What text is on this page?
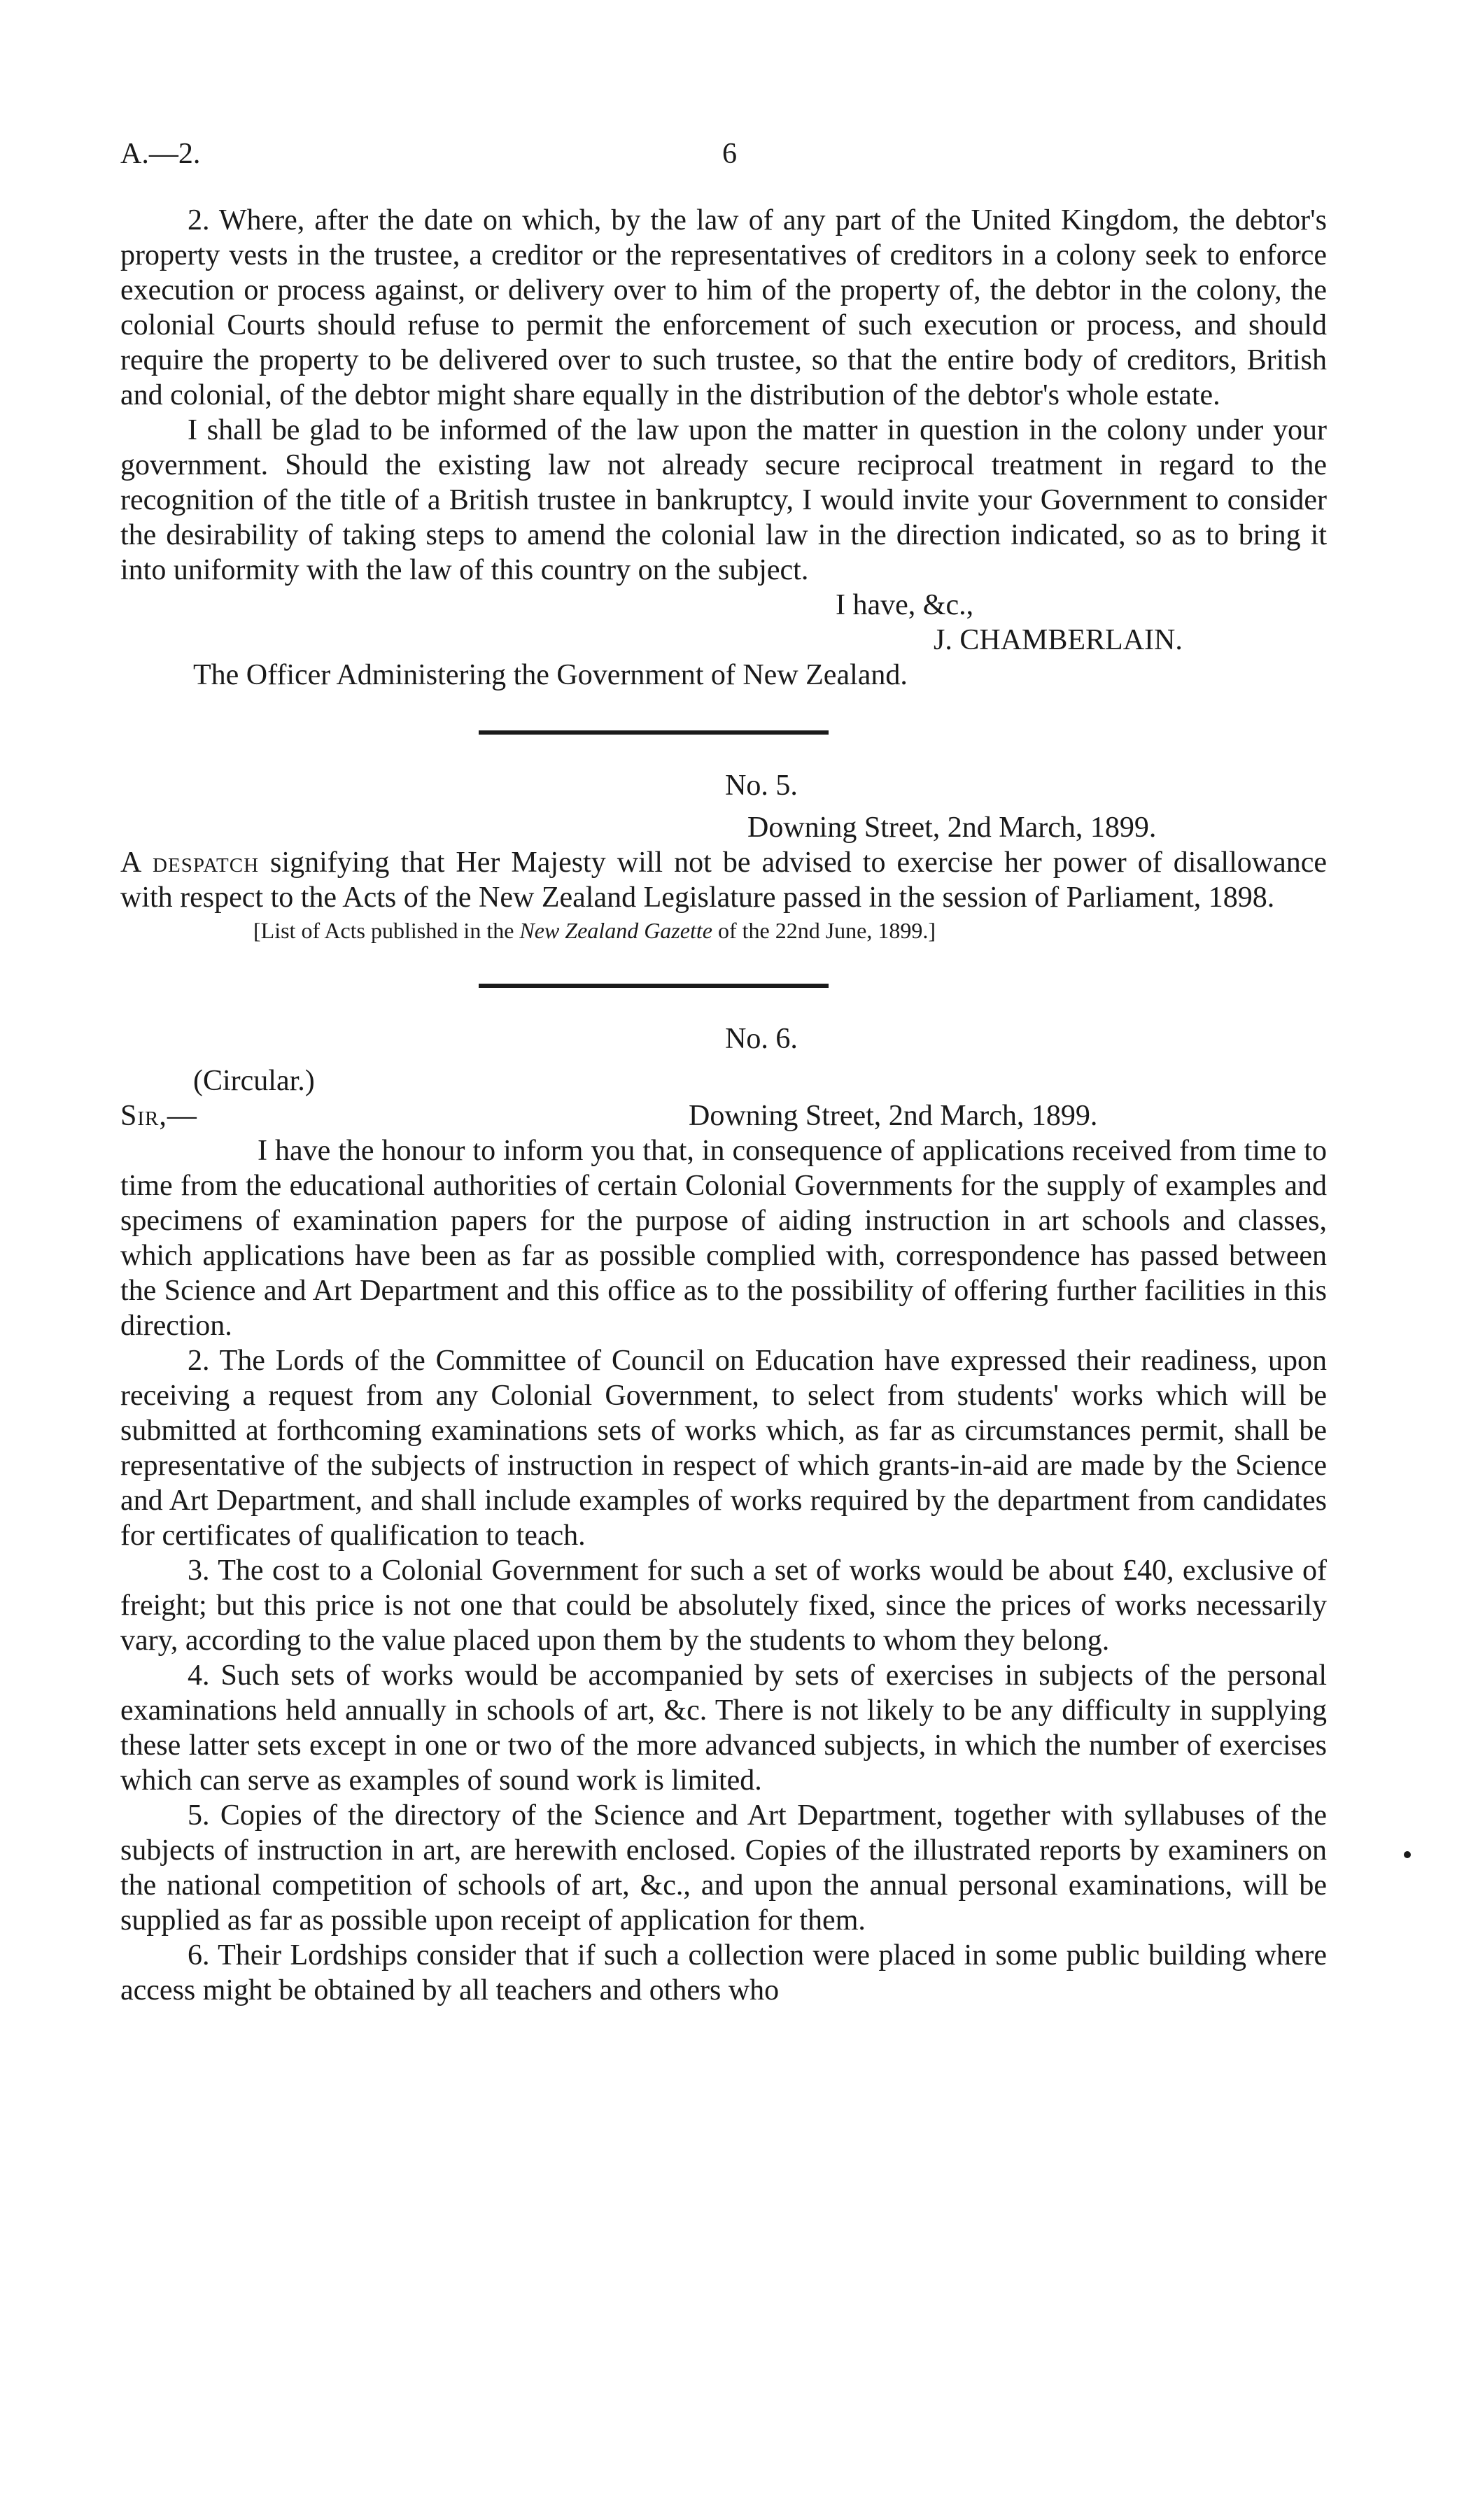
A.—2.	6

2. Where, after the date on which, by the law of any part of the United Kingdom, the debtor's property vests in the trustee, a creditor or the representatives of creditors in a colony seek to enforce execution or process against, or delivery over to him of the property of, the debtor in the colony, the colonial Courts should refuse to permit the enforcement of such execution or process, and should require the property to be delivered over to such trustee, so that the entire body of creditors, British and colonial, of the debtor might share equally in the distribution of the debtor's whole estate.

I shall be glad to be informed of the law upon the matter in question in the colony under your government. Should the existing law not already secure reciprocal treatment in regard to the recognition of the title of a British trustee in bankruptcy, I would invite your Government to consider the desirability of taking steps to amend the colonial law in the direction indicated, so as to bring it into uniformity with the law of this country on the subject.

I have, &c.,
J. CHAMBERLAIN.
The Officer Administering the Government of New Zealand.
No. 5.
Downing Street, 2nd March, 1899.

A despatch signifying that Her Majesty will not be advised to exercise her power of disallowance with respect to the Acts of the New Zealand Legislature passed in the session of Parliament, 1898.

[List of Acts published in the New Zealand Gazette of the 22nd June, 1899.]
No. 6.
(Circular.)
Sir,—	Downing Street, 2nd March, 1899.

I have the honour to inform you that, in consequence of applications received from time to time from the educational authorities of certain Colonial Governments for the supply of examples and specimens of examination papers for the purpose of aiding instruction in art schools and classes, which applications have been as far as possible complied with, correspondence has passed between the Science and Art Department and this office as to the possibility of offering further facilities in this direction.

2. The Lords of the Committee of Council on Education have expressed their readiness, upon receiving a request from any Colonial Government, to select from students' works which will be submitted at forthcoming examinations sets of works which, as far as circumstances permit, shall be representative of the subjects of instruction in respect of which grants-in-aid are made by the Science and Art Department, and shall include examples of works required by the department from candidates for certificates of qualification to teach.

3. The cost to a Colonial Government for such a set of works would be about £40, exclusive of freight; but this price is not one that could be absolutely fixed, since the prices of works necessarily vary, according to the value placed upon them by the students to whom they belong.

4. Such sets of works would be accompanied by sets of exercises in subjects of the personal examinations held annually in schools of art, &c. There is not likely to be any difficulty in supplying these latter sets except in one or two of the more advanced subjects, in which the number of exercises which can serve as examples of sound work is limited.

5. Copies of the directory of the Science and Art Department, together with syllabuses of the subjects of instruction in art, are herewith enclosed. Copies of the illustrated reports by examiners on the national competition of schools of art, &c., and upon the annual personal examinations, will be supplied as far as possible upon receipt of application for them.

6. Their Lordships consider that if such a collection were placed in some public building where access might be obtained by all teachers and others who
